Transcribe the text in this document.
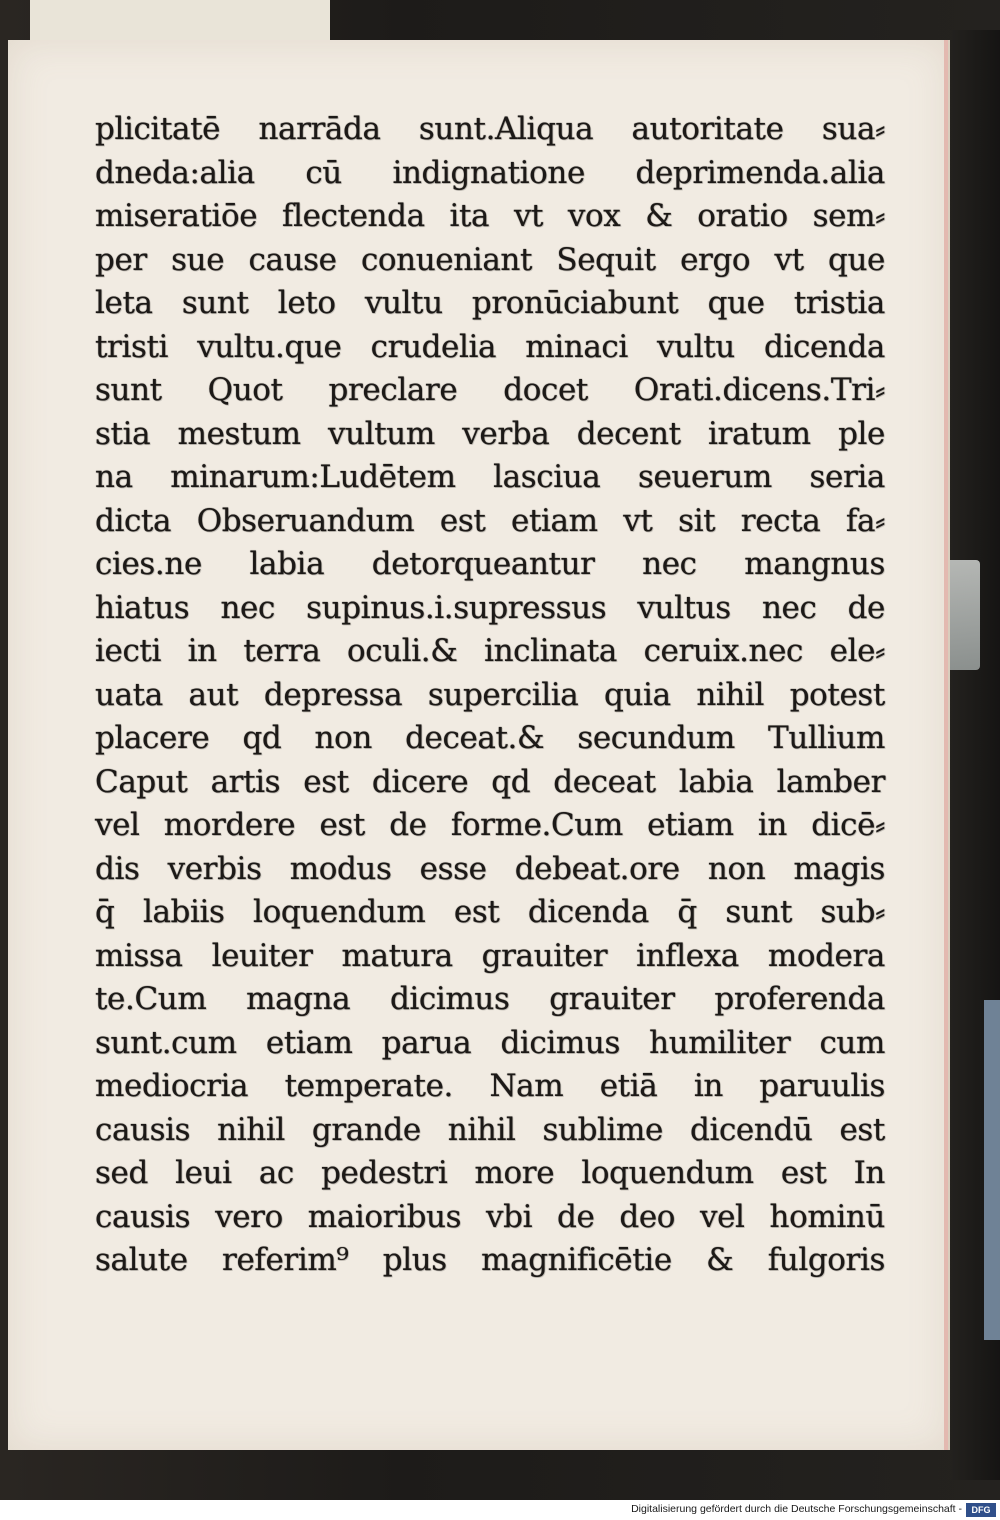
plicitatē narrāda sunt.Aliqua autoritate sua⸗
dneda:alia cū indignatione deprimenda.alia
miseratiōe flectenda ita vt vox & oratio sem⸗
per sue cause conueniant Sequit ergo vt que
leta sunt leto vultu pronūciabunt que tristia
tristi vultu.que crudelia minaci vultu dicenda
sunt Quot preclare docet Orati.dicens.Tri⸗
stia mestum vultum verba decent iratum ple
na minarum:Ludētem lasciua seuerum seria
dicta Obseruandum est etiam vt sit recta fa⸗
cies.ne labia detorqueantur nec mangnus
hiatus nec supinus.i.supressus vultus nec de
iecti in terra oculi.& inclinata ceruix.nec ele⸗
uata aut depressa supercilia quia nihil potest
placere qd non deceat.& secundum Tullium
Caput artis est dicere qd deceat labia lamber
vel mordere est de forme.Cum etiam in dicē⸗
dis verbis modus esse debeat.ore non magis
q̄ labiis loquendum est dicenda q̄ sunt sub⸗
missa leuiter matura grauiter inflexa modera
te.Cum magna dicimus grauiter proferenda
sunt.cum etiam parua dicimus humiliter cum
mediocria temperate. Nam etiā in paruulis
causis nihil grande nihil sublime dicendū est
sed leui ac pedestri more loquendum est In
causis vero maioribus vbi de deo vel hominū
salute referim⁹ plus magnificētie & fulgoris
Digitalisierung gefördert durch die Deutsche Forschungsgemeinschaft -	DFG
